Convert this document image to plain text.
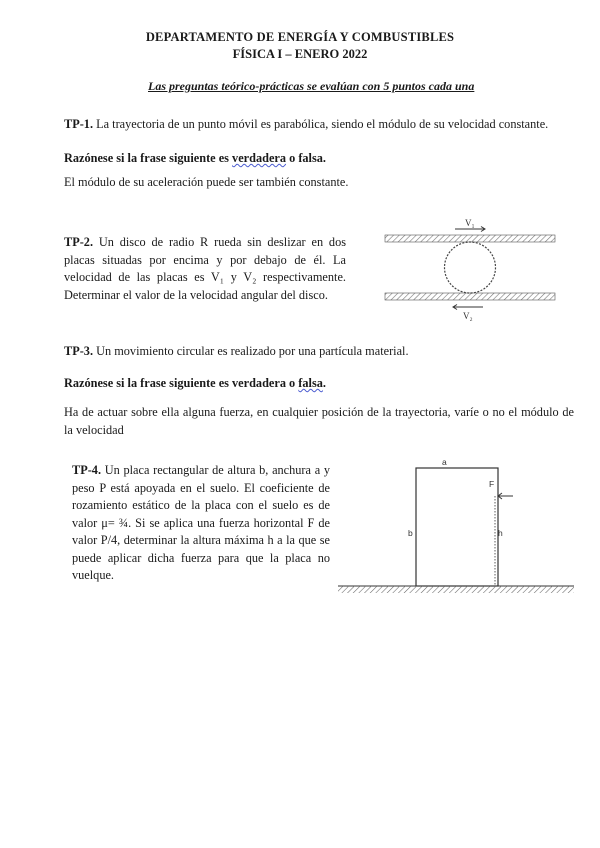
DEPARTAMENTO DE ENERGÍA Y COMBUSTIBLES
FÍSICA I – ENERO 2022
Las preguntas teórico-prácticas se evalúan con 5 puntos cada una
TP-1. La trayectoria de un punto móvil es parabólica, siendo el módulo de su velocidad constante.
Razónese si la frase siguiente es verdadera o falsa.
El módulo de su aceleración puede ser también constante.
TP-2. Un disco de radio R rueda sin deslizar en dos placas situadas por encima y por debajo de él. La velocidad de las placas es V₁ y V₂ respectivamente. Determinar el valor de la velocidad angular del disco.
V₁
V₂
TP-3. Un movimiento circular es realizado por una partícula material.
Razónese si la frase siguiente es verdadera o falsa.
Ha de actuar sobre ella alguna fuerza, en cualquier posición de la trayectoria, varíe o no el módulo de la velocidad
TP-4. Un placa rectangular de altura b, anchura a y peso P está apoyada en el suelo. El coeficiente de rozamiento estático de la placa con el suelo es de valor μ= ¾. Si se aplica una fuerza horizontal F de valor P/4, determinar la altura máxima h a la que se puede aplicar dicha fuerza para que la placa no vuelque.
a
b	h
F
